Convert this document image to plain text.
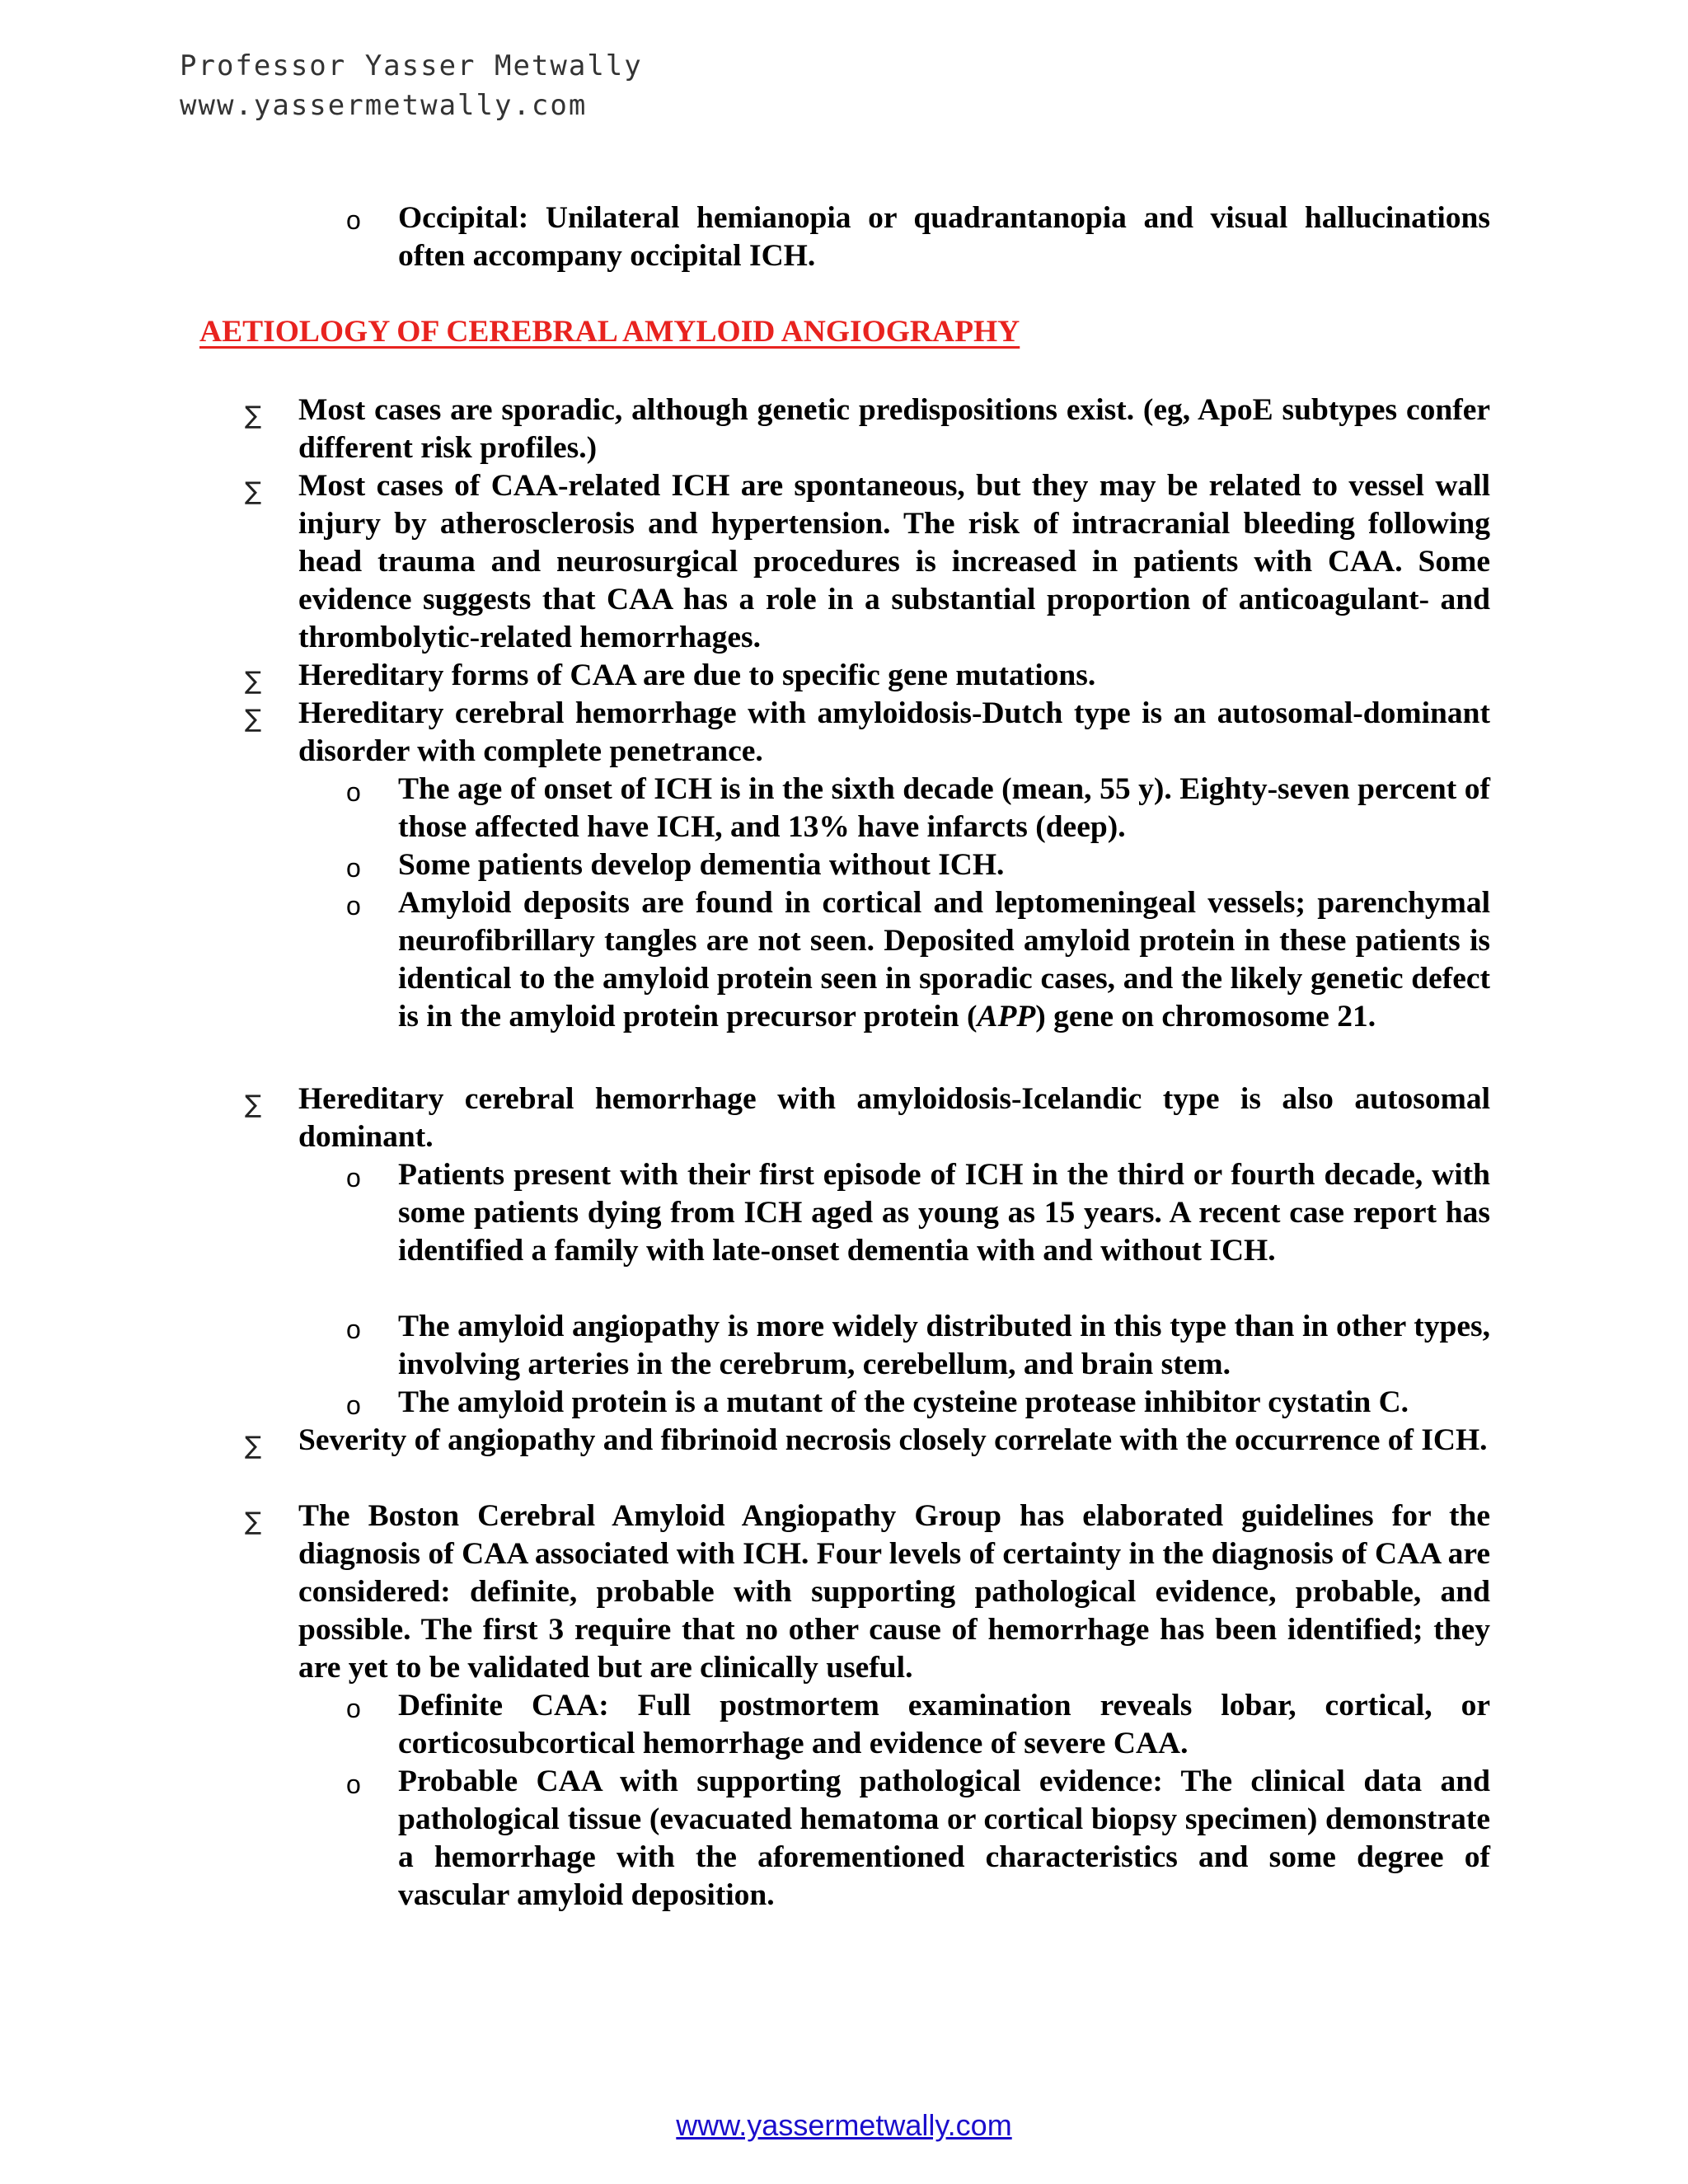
Professor Yasser Metwally
www.yassermetwally.com
o Occipital: Unilateral hemianopia or quadrantanopia and visual hallucinations often accompany occipital ICH.
AETIOLOGY OF CEREBRAL AMYLOID ANGIOGRAPHY
∑ Most cases are sporadic, although genetic predispositions exist. (eg, ApoE subtypes confer different risk profiles.)
∑ Most cases of CAA-related ICH are spontaneous, but they may be related to vessel wall injury by atherosclerosis and hypertension. The risk of intracranial bleeding following head trauma and neurosurgical procedures is increased in patients with CAA. Some evidence suggests that CAA has a role in a substantial proportion of anticoagulant- and thrombolytic-related hemorrhages.
∑ Hereditary forms of CAA are due to specific gene mutations.
∑ Hereditary cerebral hemorrhage with amyloidosis-Dutch type is an autosomal-dominant disorder with complete penetrance.
o The age of onset of ICH is in the sixth decade (mean, 55 y). Eighty-seven percent of those affected have ICH, and 13% have infarcts (deep).
o Some patients develop dementia without ICH.
o Amyloid deposits are found in cortical and leptomeningeal vessels; parenchymal neurofibrillary tangles are not seen. Deposited amyloid protein in these patients is identical to the amyloid protein seen in sporadic cases, and the likely genetic defect is in the amyloid protein precursor protein (APP) gene on chromosome 21.
∑ Hereditary cerebral hemorrhage with amyloidosis-Icelandic type is also autosomal dominant.
o Patients present with their first episode of ICH in the third or fourth decade, with some patients dying from ICH aged as young as 15 years. A recent case report has identified a family with late-onset dementia with and without ICH.
o The amyloid angiopathy is more widely distributed in this type than in other types, involving arteries in the cerebrum, cerebellum, and brain stem.
o The amyloid protein is a mutant of the cysteine protease inhibitor cystatin C.
∑ Severity of angiopathy and fibrinoid necrosis closely correlate with the occurrence of ICH.
∑ The Boston Cerebral Amyloid Angiopathy Group has elaborated guidelines for the diagnosis of CAA associated with ICH. Four levels of certainty in the diagnosis of CAA are considered: definite, probable with supporting pathological evidence, probable, and possible. The first 3 require that no other cause of hemorrhage has been identified; they are yet to be validated but are clinically useful.
o Definite CAA: Full postmortem examination reveals lobar, cortical, or corticosubcortical hemorrhage and evidence of severe CAA.
o Probable CAA with supporting pathological evidence: The clinical data and pathological tissue (evacuated hematoma or cortical biopsy specimen) demonstrate a hemorrhage with the aforementioned characteristics and some degree of vascular amyloid deposition.
www.yassermetwally.com
